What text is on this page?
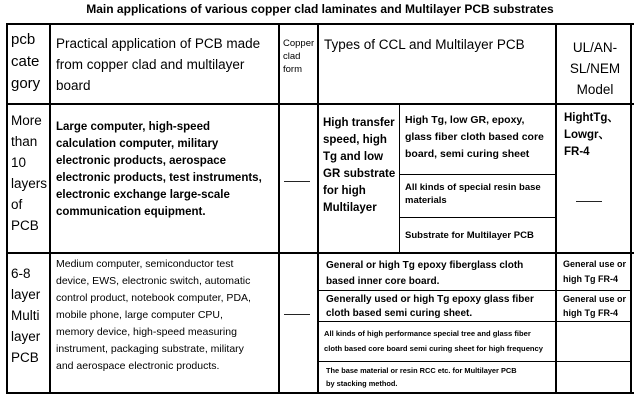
Main applications of various copper clad laminates and Multilayer PCB substrates
pcb
cate
gory
Practical application of PCB made
from copper clad and multilayer
board
Copper
clad
form
Types of CCL and Multilayer PCB	UL/AN-
SL/NEM
Model
More
than
10
layers
of
PCB
Large computer, high-speed
calculation computer, military
electronic products, aerospace
electronic products, test instruments,
electronic exchange large-scale
communication equipment.
——
High transfer
speed, high
Tg and low
GR substrate
for high
Multilayer
High Tg, low GR, epoxy,
glass fiber cloth based core
board, semi curing sheet
All kinds of special resin base
materials
Substrate for Multilayer PCB
HightTg、
Lowgr、
FR-4
——
6-8
layer
Multi
layer
PCB
Medium computer, semiconductor test
device, EWS, electronic switch, automatic
control product, notebook computer, PDA,
mobile phone, large computer CPU,
memory device, high-speed measuring
instrument, packaging substrate, military
and aerospace electronic products.
——
General or high Tg epoxy fiberglass cloth
based inner core board.
Generally used or high Tg epoxy glass fiber
cloth based semi curing sheet.
All kinds of high performance special tree and glass fiber
cloth based core board semi curing sheet for high frequency
The base material or resin RCC etc. for Multilayer PCB
by stacking method.
General use or
high Tg FR-4
General use or
high Tg FR-4
